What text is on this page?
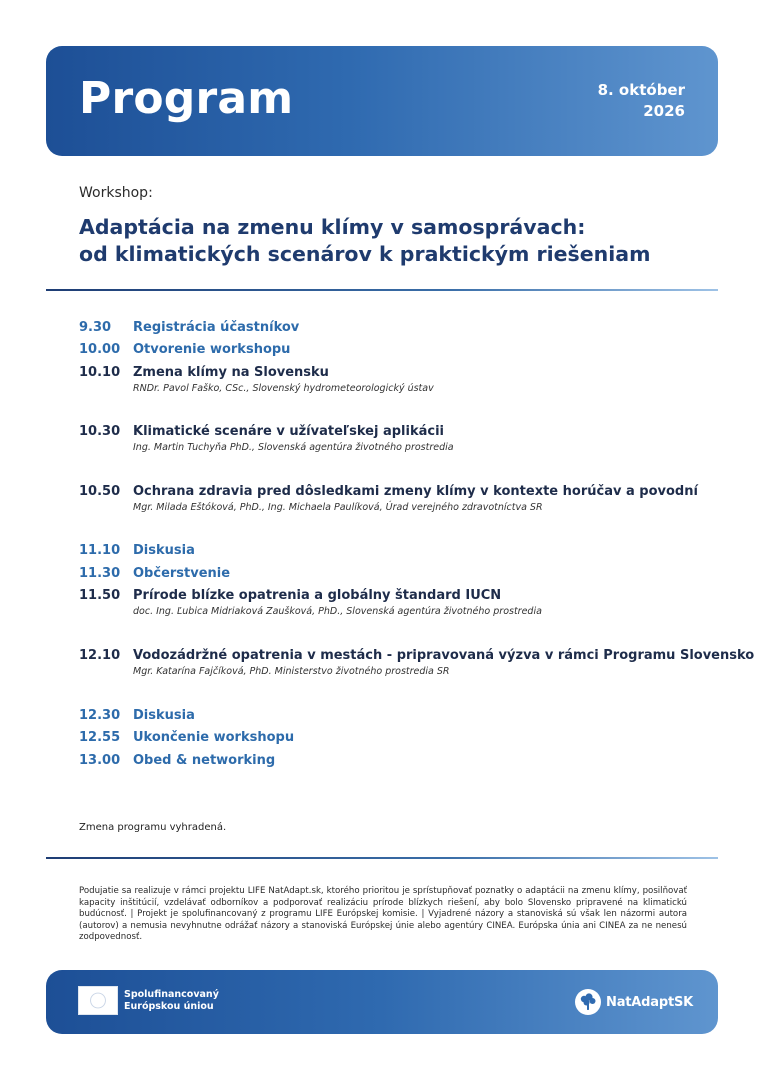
Program	8. október
2026
Workshop:
Adaptácia na zmenu klímy v samosprávach:
od klimatických scenárov k praktickým riešeniam
9.30	Registrácia účastníkov
10.00 Otvorenie workshopu
10.10 Zmena klímy na Slovensku
RNDr. Pavol Faško, CSc., Slovenský hydrometeorologický ústav
10.30 Klimatické scenáre v užívateľskej aplikácii
Ing. Martin Tuchyňa PhD., Slovenská agentúra životného prostredia
10.50 Ochrana zdravia pred dôsledkami zmeny klímy v kontexte horúčav a povodní
Mgr. Milada Eštóková, PhD., Ing. Michaela Paulíková, Úrad verejného zdravotníctva SR
11.10 Diskusia
11.30 Občerstvenie
11.50 Prírode blízke opatrenia a globálny štandard IUCN
doc. Ing. Ľubica Midriaková Zaušková, PhD., Slovenská agentúra životného prostredia
12.10 Vodozádržné opatrenia v mestách - pripravovaná výzva v rámci Programu Slovensko
Mgr. Katarína Fajčíková, PhD. Ministerstvo životného prostredia SR
12.30 Diskusia
12.55 Ukončenie workshopu
13.00 Obed & networking
Zmena programu vyhradená.
Podujatie sa realizuje v rámci projektu LIFE NatAdapt.sk, ktorého prioritou je sprístupňovať poznatky o adaptácii na zmenu klímy, posilňovať kapacity inštitúcií, vzdelávať odborníkov a podporovať realizáciu prírode blízkych riešení, aby bolo Slovensko pripravené na klimatickú budúcnosť. | Projekt je spolufinancovaný z programu LIFE Európskej komisie. | Vyjadrené názory a stanoviská sú však len názormi autora (autorov) a nemusia nevyhnutne odrážať názory a stanoviská Európskej únie alebo agentúry CINEA. Európska únia ani CINEA za ne nenesú zodpovednosť.
Spolufinancovaný
Európskou úniou	NatAdaptSK
